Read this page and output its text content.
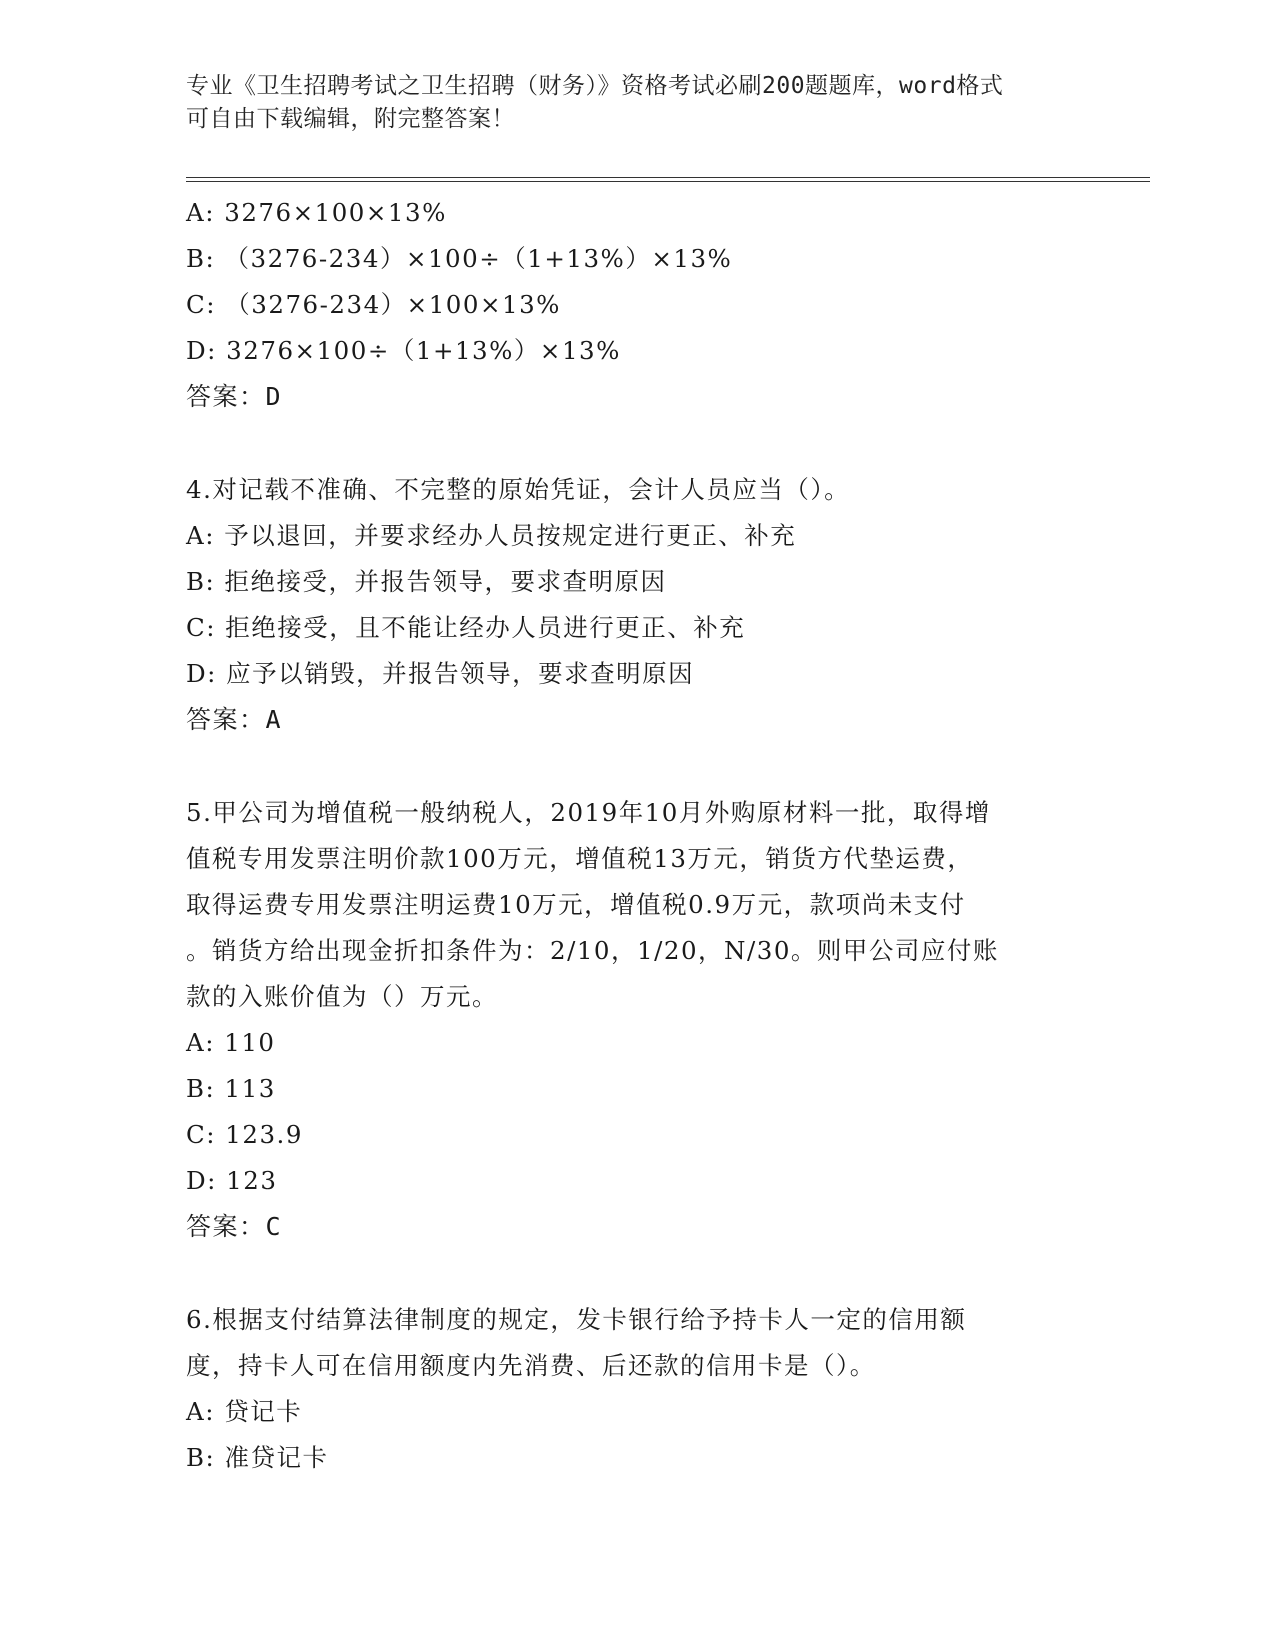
专业《卫生招聘考试之卫生招聘（财务）》资格考试必刷200题题库，word格式
可自由下载编辑，附完整答案！
A: 3276×100×13%
B: （3276-234）×100÷（1+13%）×13%
C: （3276-234）×100×13%
D: 3276×100÷（1+13%）×13%
答案：D
4.对记载不准确、不完整的原始凭证，会计人员应当（）。
A: 予以退回，并要求经办人员按规定进行更正、补充
B: 拒绝接受，并报告领导，要求查明原因
C: 拒绝接受，且不能让经办人员进行更正、补充
D: 应予以销毁，并报告领导，要求查明原因
答案：A
5.甲公司为增值税一般纳税人，2019年10月外购原材料一批，取得增
值税专用发票注明价款100万元，增值税13万元，销货方代垫运费，
取得运费专用发票注明运费10万元，增值税0.9万元，款项尚未支付
。销货方给出现金折扣条件为：2/10，1/20，N/30。则甲公司应付账
款的入账价值为（）万元。
A: 110
B: 113
C: 123.9
D: 123
答案：C
6.根据支付结算法律制度的规定，发卡银行给予持卡人一定的信用额
度，持卡人可在信用额度内先消费、后还款的信用卡是（）。
A: 贷记卡
B: 准贷记卡
